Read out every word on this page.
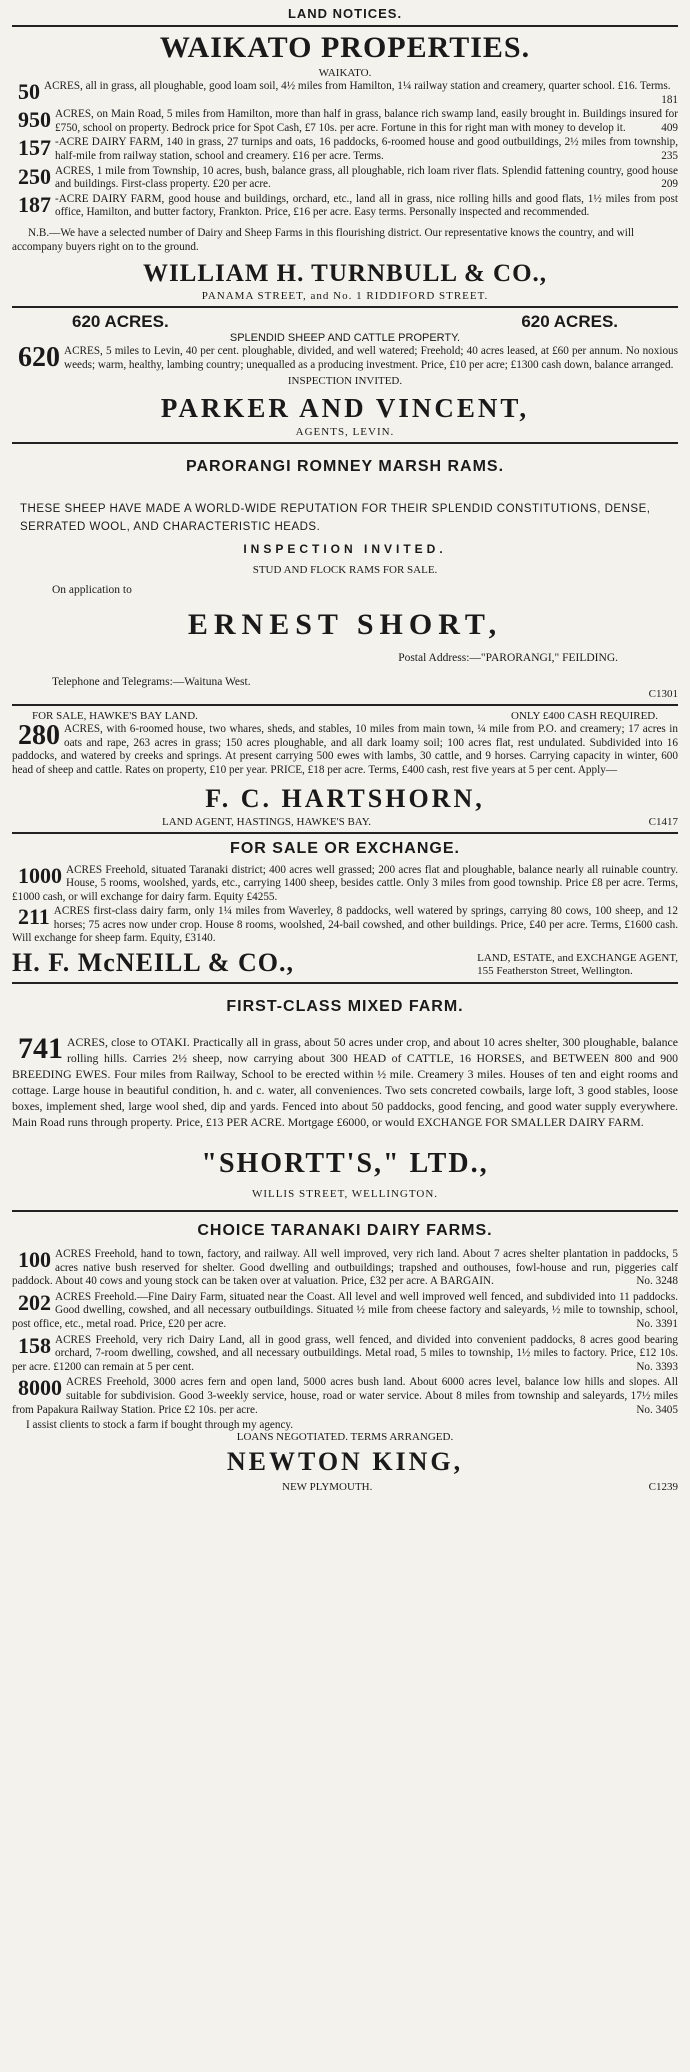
LAND NOTICES.
WAIKATO PROPERTIES.
WAIKATO.
50 ACRES, all in grass, all ploughable, good loam soil, 4½ miles from Hamilton, 1¼ railway station and creamery, quarter school. £16. Terms.
181
950 ACRES, on Main Road, 5 miles from Hamilton, more than half in grass, balance rich swamp land, easily brought in. Buildings insured for £750, school on property. Bedrock price for Spot Cash, £7 10s. per acre. Fortune in this for right man with money to develop it.	409
157 -ACRE DAIRY FARM, 140 in grass, 27 turnips and oats, 16 paddocks, 6-roomed house and good outbuildings, 2½ miles from township, half-mile from railway station, school and creamery. £16 per acre. Terms.	235
250 ACRES, 1 mile from Township, 10 acres, bush, balance grass, all ploughable, rich loam river flats. Splendid fattening country, good house and buildings. First-class property. £20 per acre.	209
187 -ACRE DAIRY FARM, good house and buildings, orchard, etc., land all in grass, nice rolling hills and good flats, 1½ miles from post office, Hamilton, and butter factory, Frankton. Price, £16 per acre. Easy terms. Personally inspected and recommended.
N.B.—We have a selected number of Dairy and Sheep Farms in this flourishing district. Our representative knows the country, and will accompany buyers right on to the ground.
WILLIAM H. TURNBULL & CO.,
PANAMA STREET, and No. 1 RIDDIFORD STREET.
620 ACRES.	620 ACRES.
SPLENDID SHEEP AND CATTLE PROPERTY.
620 ACRES, 5 miles to Levin, 40 per cent. ploughable, divided, and well watered; Freehold; 40 acres leased, at £60 per annum. No noxious weeds; warm, healthy, lambing country; unequalled as a producing investment. Price, £10 per acre; £1300 cash down, balance arranged.
INSPECTION INVITED.
PARKER AND VINCENT,
AGENTS, LEVIN.
PARORANGI ROMNEY MARSH RAMS.
THESE SHEEP HAVE MADE A WORLD-WIDE REPUTATION FOR THEIR SPLENDID CONSTITUTIONS, DENSE, SERRATED WOOL, AND CHARACTERISTIC HEADS.
INSPECTION INVITED.
STUD AND FLOCK RAMS FOR SALE.
On application to
ERNEST SHORT,
Postal Address:—"PARORANGI," FEILDING.
Telephone and Telegrams:—Waituna West.
C1301
FOR SALE, HAWKE'S BAY LAND.	ONLY £400 CASH REQUIRED.
280 ACRES, with 6-roomed house, two whares, sheds, and stables, 10 miles from main town, ¼ mile from P.O. and creamery; 17 acres in oats and rape, 263 acres in grass; 150 acres ploughable, and all dark loamy soil; 100 acres flat, rest undulated. Subdivided into 16 paddocks, and watered by creeks and springs. At present carrying 500 ewes with lambs, 30 cattle, and 9 horses. Carrying capacity in winter, 600 head of sheep and cattle. Rates on property, £10 per year. PRICE, £18 per acre. Terms, £400 cash, rest five years at 5 per cent. Apply—
F. C. HARTSHORN,
LAND AGENT, HASTINGS, HAWKE'S BAY.	C1417
FOR SALE OR EXCHANGE.
1000 ACRES Freehold, situated Taranaki district; 400 acres well grassed; 200 acres flat and ploughable, balance nearly all ruinable country. House, 5 rooms, woolshed, yards, etc., carrying 1400 sheep, besides cattle. Only 3 miles from good township. Price £8 per acre. Terms, £1000 cash, or will exchange for dairy farm. Equity £4255.
211 ACRES first-class dairy farm, only 1¼ miles from Waverley, 8 paddocks, well watered by springs, carrying 80 cows, 100 sheep, and 12 horses; 75 acres now under crop. House 8 rooms, woolshed, 24-bail cowshed, and other buildings. Price, £40 per acre. Terms, £1600 cash. Will exchange for sheep farm. Equity, £3140.
H. F. McNEILL & CO.,	LAND, ESTATE, and EXCHANGE AGENT,
155 Featherston Street, Wellington.
FIRST-CLASS MIXED FARM.
741 ACRES, close to OTAKI. Practically all in grass, about 50 acres under crop, and about 10 acres shelter, 300 ploughable, balance rolling hills. Carries 2½ sheep, now carrying about 300 HEAD of CATTLE, 16 HORSES, and BETWEEN 800 and 900 BREEDING EWES. Four miles from Railway, School to be erected within ½ mile. Creamery 3 miles. Houses of ten and eight rooms and cottage. Large house in beautiful condition, h. and c. water, all conveniences. Two sets concreted cowbails, large loft, 3 good stables, loose boxes, implement shed, large wool shed, dip and yards. Fenced into about 50 paddocks, good fencing, and good water supply everywhere. Main Road runs through property. Price, £13 PER ACRE. Mortgage £6000, or would EXCHANGE FOR SMALLER DAIRY FARM.
"SHORTT'S," LTD.,
WILLIS STREET, WELLINGTON.
CHOICE TARANAKI DAIRY FARMS.
100 ACRES Freehold, hand to town, factory, and railway. All well improved, very rich land. About 7 acres shelter plantation in paddocks, 5 acres native bush reserved for shelter. Good dwelling and outbuildings; trapshed and outhouses, fowl-house and run, piggeries calf paddock. About 40 cows and young stock can be taken over at valuation. Price, £32 per acre. A BARGAIN.	No. 3248
202 ACRES Freehold.—Fine Dairy Farm, situated near the Coast. All level and well improved well fenced, and subdivided into 11 paddocks. Good dwelling, cowshed, and all necessary outbuildings. Situated ½ mile from cheese factory and saleyards, ½ mile to township, school, post office, etc., metal road. Price, £20 per acre.	No. 3391
158 ACRES Freehold, very rich Dairy Land, all in good grass, well fenced, and divided into convenient paddocks, 8 acres good bearing orchard, 7-room dwelling, cowshed, and all necessary outbuildings. Metal road, 5 miles to township, 1½ miles to factory. Price, £12 10s. per acre. £1200 can remain at 5 per cent.	No. 3393
8000 ACRES Freehold, 3000 acres fern and open land, 5000 acres bush land. About 6000 acres level, balance low hills and slopes. All suitable for subdivision. Good 3-weekly service, house, road or water service. About 8 miles from township and saleyards, 17½ miles from Papakura Railway Station. Price £2 10s. per acre.	No. 3405
I assist clients to stock a farm if bought through my agency.
LOANS NEGOTIATED. TERMS ARRANGED.
NEWTON KING,
NEW PLYMOUTH.	C1239
